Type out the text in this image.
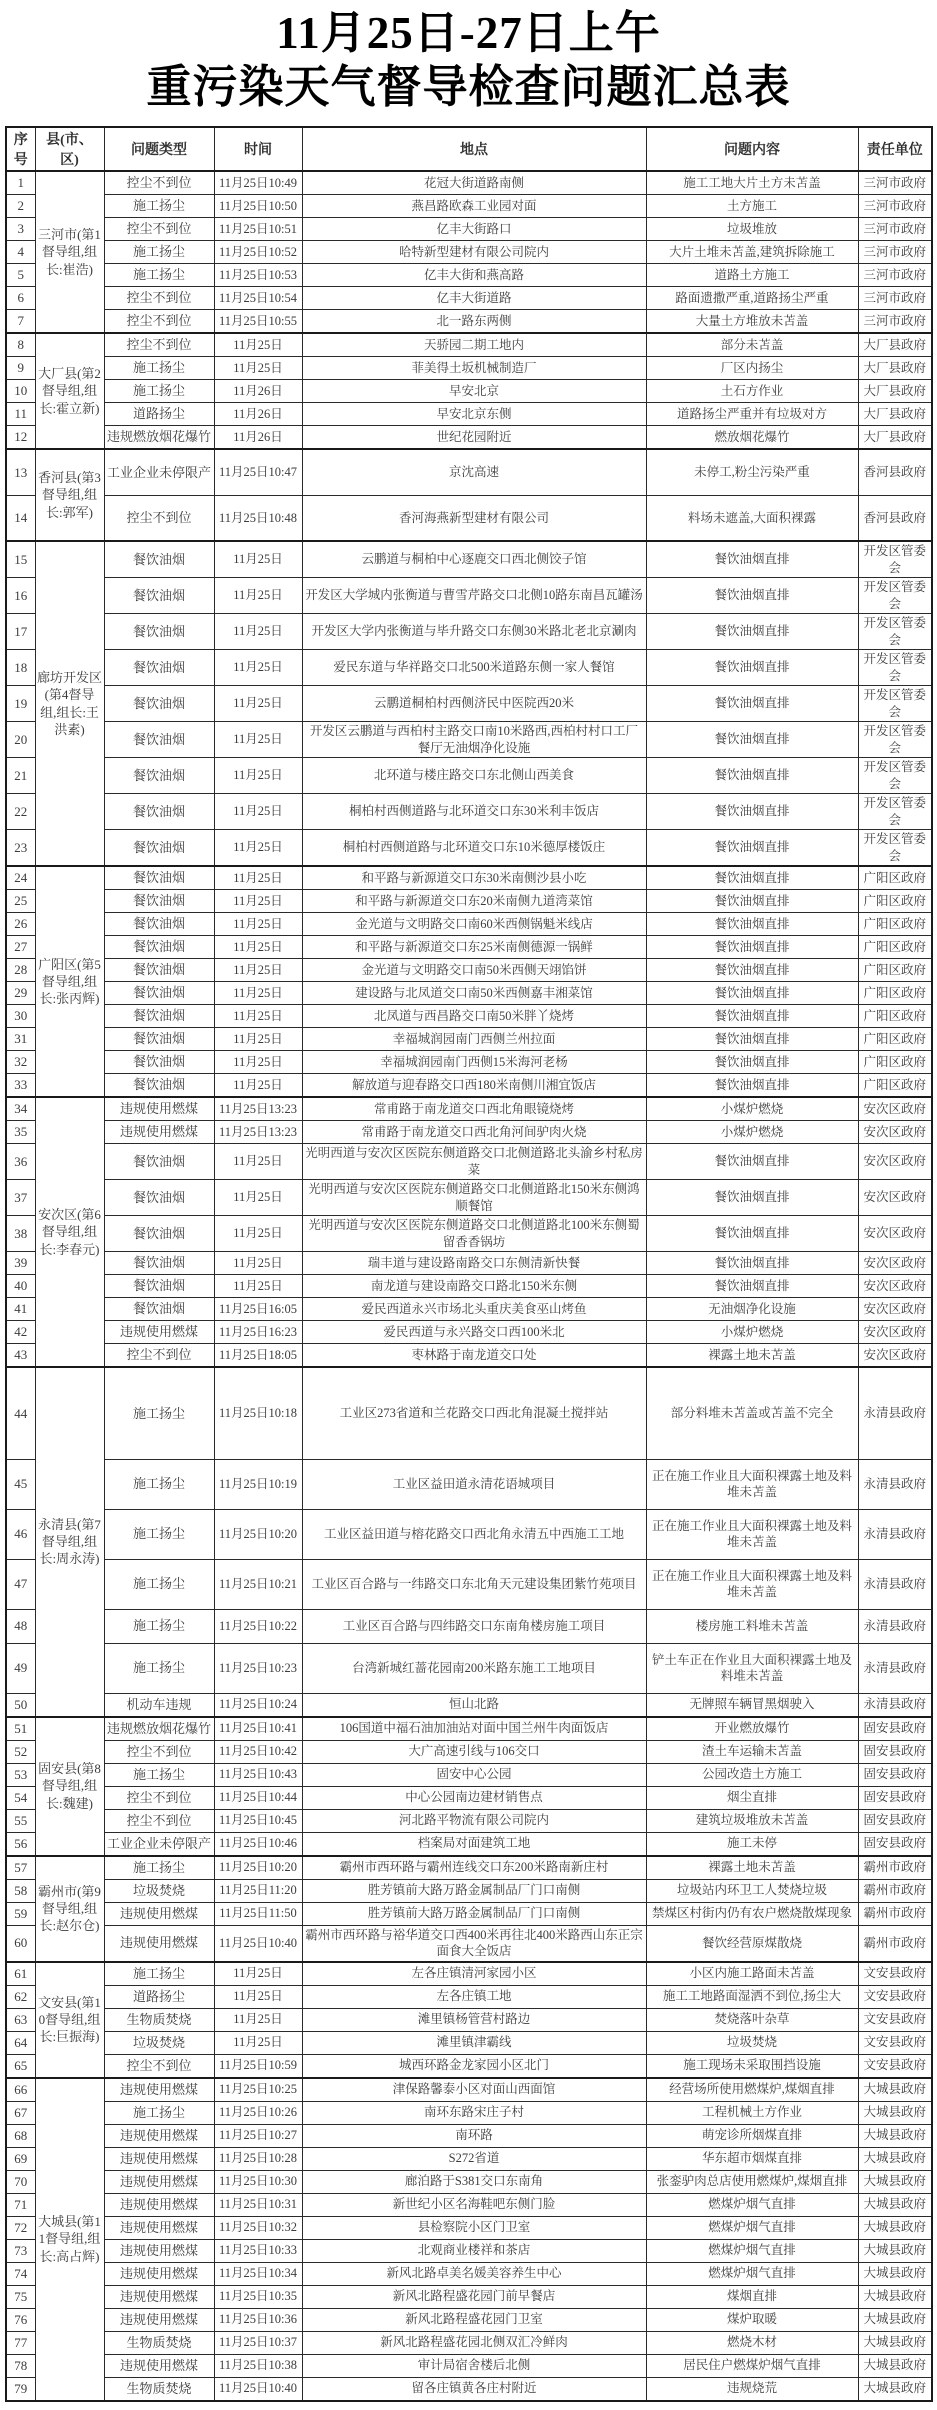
11月25日-27日上午
重污染天气督导检查问题汇总表
序号	县(市、区)	问题类型	时间	地点	问题内容	责任单位
1	三河市(第1督导组,组长:崔浩)	控尘不到位	11月25日10:49	花冠大街道路南侧	施工工地大片土方未苫盖	三河市政府
2		施工扬尘	11月25日10:50	燕昌路欧森工业园对面	土方施工	三河市政府
3		控尘不到位	11月25日10:51	亿丰大街路口	垃圾堆放	三河市政府
4		施工扬尘	11月25日10:52	哈特新型建材有限公司院内	大片土堆未苫盖,建筑拆除施工	三河市政府
5		施工扬尘	11月25日10:53	亿丰大街和燕高路	道路土方施工	三河市政府
6		控尘不到位	11月25日10:54	亿丰大街道路	路面遗撒严重,道路扬尘严重	三河市政府
7		控尘不到位	11月25日10:55	北一路东两侧	大量土方堆放未苫盖	三河市政府
8	大厂县(第2督导组,组长:霍立新)	控尘不到位	11月25日	天骄园二期工地内	部分未苫盖	大厂县政府
9		施工扬尘	11月25日	菲美得土坂机械制造厂	厂区内扬尘	大厂县政府
10		施工扬尘	11月26日	早安北京	土石方作业	大厂县政府
11		道路扬尘	11月26日	早安北京东侧	道路扬尘严重并有垃圾对方	大厂县政府
12		违规燃放烟花爆竹	11月26日	世纪花园附近	燃放烟花爆竹	大厂县政府
13	香河县(第3督导组,组长:郭军)	工业企业未停限产	11月25日10:47	京沈高速	未停工,粉尘污染严重	香河县政府
14		控尘不到位	11月25日10:48	香河海燕新型建材有限公司	料场未遮盖,大面积裸露	香河县政府
15	廊坊开发区(第4督导组,组长:王洪素)	餐饮油烟	11月25日	云鹏道与桐柏中心逐鹿交口西北侧饺子馆	餐饮油烟直排	开发区管委会
16		餐饮油烟	11月25日	开发区大学城内张衡道与曹雪芹路交口北侧10路东南昌瓦罐汤	餐饮油烟直排	开发区管委会
17		餐饮油烟	11月25日	开发区大学内张衡道与毕升路交口东侧30米路北老北京涮肉	餐饮油烟直排	开发区管委会
18		餐饮油烟	11月25日	爱民东道与华祥路交口北500米道路东侧一家人餐馆	餐饮油烟直排	开发区管委会
19		餐饮油烟	11月25日	云鹏道桐柏村西侧济民中医院西20米	餐饮油烟直排	开发区管委会
20		餐饮油烟	11月25日	开发区云鹏道与西柏村主路交口南10米路西,西柏村村口工厂餐厅无油烟净化设施	餐饮油烟直排	开发区管委会
21		餐饮油烟	11月25日	北环道与楼庄路交口东北侧山西美食	餐饮油烟直排	开发区管委会
22		餐饮油烟	11月25日	桐柏村西侧道路与北环道交口东30米利丰饭店	餐饮油烟直排	开发区管委会
23		餐饮油烟	11月25日	桐柏村西侧道路与北环道交口东10米德厚楼饭庄	餐饮油烟直排	开发区管委会
24	广阳区(第5督导组,组长:张丙辉)	餐饮油烟	11月25日	和平路与新源道交口东30米南侧沙县小吃	餐饮油烟直排	广阳区政府
25		餐饮油烟	11月25日	和平路与新源道交口东20米南侧九道湾菜馆	餐饮油烟直排	广阳区政府
26		餐饮油烟	11月25日	金光道与文明路交口南60米西侧锅魁米线店	餐饮油烟直排	广阳区政府
27		餐饮油烟	11月25日	和平路与新源道交口东25米南侧德源一锅鲜	餐饮油烟直排	广阳区政府
28		餐饮油烟	11月25日	金光道与文明路交口南50米西侧天翊馅饼	餐饮油烟直排	广阳区政府
29		餐饮油烟	11月25日	建设路与北凤道交口南50米西侧嘉丰湘菜馆	餐饮油烟直排	广阳区政府
30		餐饮油烟	11月25日	北凤道与西昌路交口南50米胖丫烧烤	餐饮油烟直排	广阳区政府
31		餐饮油烟	11月25日	幸福城润园南门西侧兰州拉面	餐饮油烟直排	广阳区政府
32		餐饮油烟	11月25日	幸福城润园南门西侧15米海河老杨	餐饮油烟直排	广阳区政府
33		餐饮油烟	11月25日	解放道与迎春路交口西180米南侧川湘宜饭店	餐饮油烟直排	广阳区政府
34	安次区(第6督导组,组长:李春元)	违规使用燃煤	11月25日13:23	常甫路于南龙道交口西北角眼镜烧烤	小煤炉燃烧	安次区政府
35		违规使用燃煤	11月25日13:23	常甫路于南龙道交口西北角河间驴肉火烧	小煤炉燃烧	安次区政府
36		餐饮油烟	11月25日	光明西道与安次区医院东侧道路交口北侧道路北头渝乡村私房菜	餐饮油烟直排	安次区政府
37		餐饮油烟	11月25日	光明西道与安次区医院东侧道路交口北侧道路北150米东侧鸿顺餐馆	餐饮油烟直排	安次区政府
38		餐饮油烟	11月25日	光明西道与安次区医院东侧道路交口北侧道路北100米东侧蜀留香香锅坊	餐饮油烟直排	安次区政府
39		餐饮油烟	11月25日	瑞丰道与建设路南路交口东侧清新快餐	餐饮油烟直排	安次区政府
40		餐饮油烟	11月25日	南龙道与建设南路交口路北150米东侧	餐饮油烟直排	安次区政府
41		餐饮油烟	11月25日16:05	爱民西道永兴市场北头重庆美食巫山烤鱼	无油烟净化设施	安次区政府
42		违规使用燃煤	11月25日16:23	爱民西道与永兴路交口西100米北	小煤炉燃烧	安次区政府
43		控尘不到位	11月25日18:05	枣林路于南龙道交口处	裸露土地未苫盖	安次区政府
44	永清县(第7督导组,组长:周永涛)	施工扬尘	11月25日10:18	工业区273省道和兰花路交口西北角混凝土搅拌站	部分料堆未苫盖或苫盖不完全	永清县政府
45		施工扬尘	11月25日10:19	工业区益田道永清花语城项目	正在施工作业且大面积裸露土地及料堆未苫盖	永清县政府
46		施工扬尘	11月25日10:20	工业区益田道与榕花路交口西北角永清五中西施工工地	正在施工作业且大面积裸露土地及料堆未苫盖	永清县政府
47		施工扬尘	11月25日10:21	工业区百合路与一纬路交口东北角天元建设集团紫竹苑项目	正在施工作业且大面积裸露土地及料堆未苫盖	永清县政府
48		施工扬尘	11月25日10:22	工业区百合路与四纬路交口东南角楼房施工项目	楼房施工料堆未苫盖	永清县政府
49		施工扬尘	11月25日10:23	台湾新城红蔷花园南200米路东施工工地项目	铲土车正在作业且大面积裸露土地及料堆未苫盖	永清县政府
50		机动车违规	11月25日10:24	恒山北路	无牌照车辆冒黑烟驶入	永清县政府
51	固安县(第8督导组,组长:魏建)	违规燃放烟花爆竹	11月25日10:41	106国道中福石油加油站对面中国兰州牛肉面饭店	开业燃放爆竹	固安县政府
52		控尘不到位	11月25日10:42	大广高速引线与106交口	渣土车运输未苫盖	固安县政府
53		施工扬尘	11月25日10:43	固安中心公园	公园改造土方施工	固安县政府
54		控尘不到位	11月25日10:44	中心公园南边建材销售点	烟尘直排	固安县政府
55		控尘不到位	11月25日10:45	河北路平物流有限公司院内	建筑垃圾堆放未苫盖	固安县政府
56		工业企业未停限产	11月25日10:46	档案局对面建筑工地	施工未停	固安县政府
57	霸州市(第9督导组,组长:赵尔仓)	施工扬尘	11月25日10:20	霸州市西环路与霸州连线交口东200米路南新庄村	裸露土地未苫盖	霸州市政府
58		垃圾焚烧	11月25日11:20	胜芳镇前大路万路金属制品厂门口南侧	垃圾站内环卫工人焚烧垃圾	霸州市政府
59		违规使用燃煤	11月25日11:50	胜芳镇前大路万路金属制品厂门口南侧	禁煤区村街内仍有农户燃烧散煤现象	霸州市政府
60		违规使用燃煤	11月25日10:40	霸州市西环路与裕华道交口西400米再往北400米路西山东正宗面食大全饭店	餐饮经营原煤散烧	霸州市政府
61	文安县(第10督导组,组长:巨振海)	施工扬尘	11月25日	左各庄镇清河家园小区	小区内施工路面未苫盖	文安县政府
62		道路扬尘	11月25日	左各庄镇工地	施工工地路面湿洒不到位,扬尘大	文安县政府
63		生物质焚烧	11月25日	滩里镇杨管营村路边	焚烧落叶杂草	文安县政府
64		垃圾焚烧	11月25日	滩里镇津霸线	垃圾焚烧	文安县政府
65		控尘不到位	11月25日10:59	城西环路金龙家园小区北门	施工现场未采取围挡设施	文安县政府
66	大城县(第11督导组,组长:高占辉)	违规使用燃煤	11月25日10:25	津保路馨泰小区对面山西面馆	经营场所使用燃煤炉,煤烟直排	大城县政府
67		施工扬尘	11月25日10:26	南环东路宋庄子村	工程机械土方作业	大城县政府
68		违规使用燃煤	11月25日10:27	南环路	萌宠诊所烟煤直排	大城县政府
69		违规使用燃煤	11月25日10:28	S272省道	华东超市烟煤直排	大城县政府
70		违规使用燃煤	11月25日10:30	廊泊路于S381交口东南角	张銮驴肉总店使用燃煤炉,煤烟直排	大城县政府
71		违规使用燃煤	11月25日10:31	新世纪小区名海鞋吧东侧门脸	燃煤炉烟气直排	大城县政府
72		违规使用燃煤	11月25日10:32	县检察院小区门卫室	燃煤炉烟气直排	大城县政府
73		违规使用燃煤	11月25日10:33	北观商业楼祥和茶店	燃煤炉烟气直排	大城县政府
74		违规使用燃煤	11月25日10:34	新风北路卓美名媛美容养生中心	燃煤炉烟气直排	大城县政府
75		违规使用燃煤	11月25日10:35	新风北路程盛花园门前早餐店	煤烟直排	大城县政府
76		违规使用燃煤	11月25日10:36	新风北路程盛花园门卫室	煤炉取暖	大城县政府
77		生物质焚烧	11月25日10:37	新风北路程盛花园北侧双汇冷鲜肉	燃烧木材	大城县政府
78		违规使用燃煤	11月25日10:38	审计局宿舍楼后北侧	居民住户燃煤炉烟气直排	大城县政府
79		生物质焚烧	11月25日10:40	留各庄镇黄各庄村附近	违规烧荒	大城县政府
